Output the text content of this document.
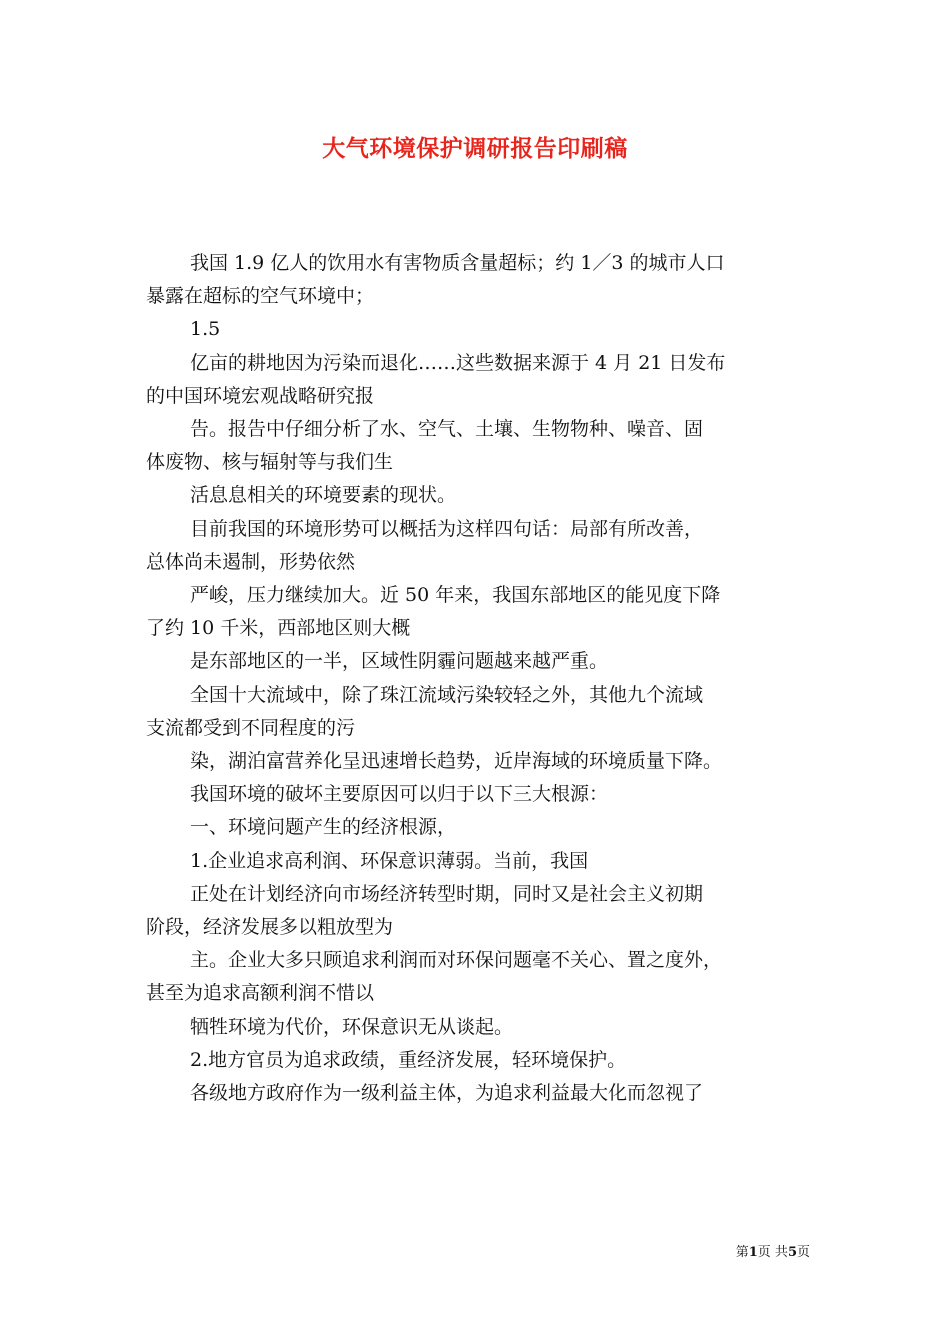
大气环境保护调研报告印刷稿

我国 1.9 亿人的饮用水有害物质含量超标；约 1／3 的城市人口

暴露在超标的空气环境中；

1.5

亿亩的耕地因为污染而退化……这些数据来源于 4 月 21 日发布

的中国环境宏观战略研究报

告。报告中仔细分析了水、空气、土壤、生物物种、噪音、固

体废物、核与辐射等与我们生

活息息相关的环境要素的现状。

目前我国的环境形势可以概括为这样四句话：局部有所改善，

总体尚未遏制，形势依然

严峻，压力继续加大。近 50 年来，我国东部地区的能见度下降

了约 10 千米，西部地区则大概

是东部地区的一半，区域性阴霾问题越来越严重。

全国十大流域中，除了珠江流域污染较轻之外，其他九个流域

支流都受到不同程度的污

染，湖泊富营养化呈迅速增长趋势，近岸海域的环境质量下降。

我国环境的破坏主要原因可以归于以下三大根源：

一、环境问题产生的经济根源，

1.企业追求高利润、环保意识薄弱。当前，我国

正处在计划经济向市场经济转型时期，同时又是社会主义初期

阶段，经济发展多以粗放型为

主。企业大多只顾追求利润而对环保问题毫不关心、置之度外，

甚至为追求高额利润不惜以

牺牲环境为代价，环保意识无从谈起。

2.地方官员为追求政绩，重经济发展，轻环境保护。

各级地方政府作为一级利益主体，为追求利益最大化而忽视了

第1页 共5页
